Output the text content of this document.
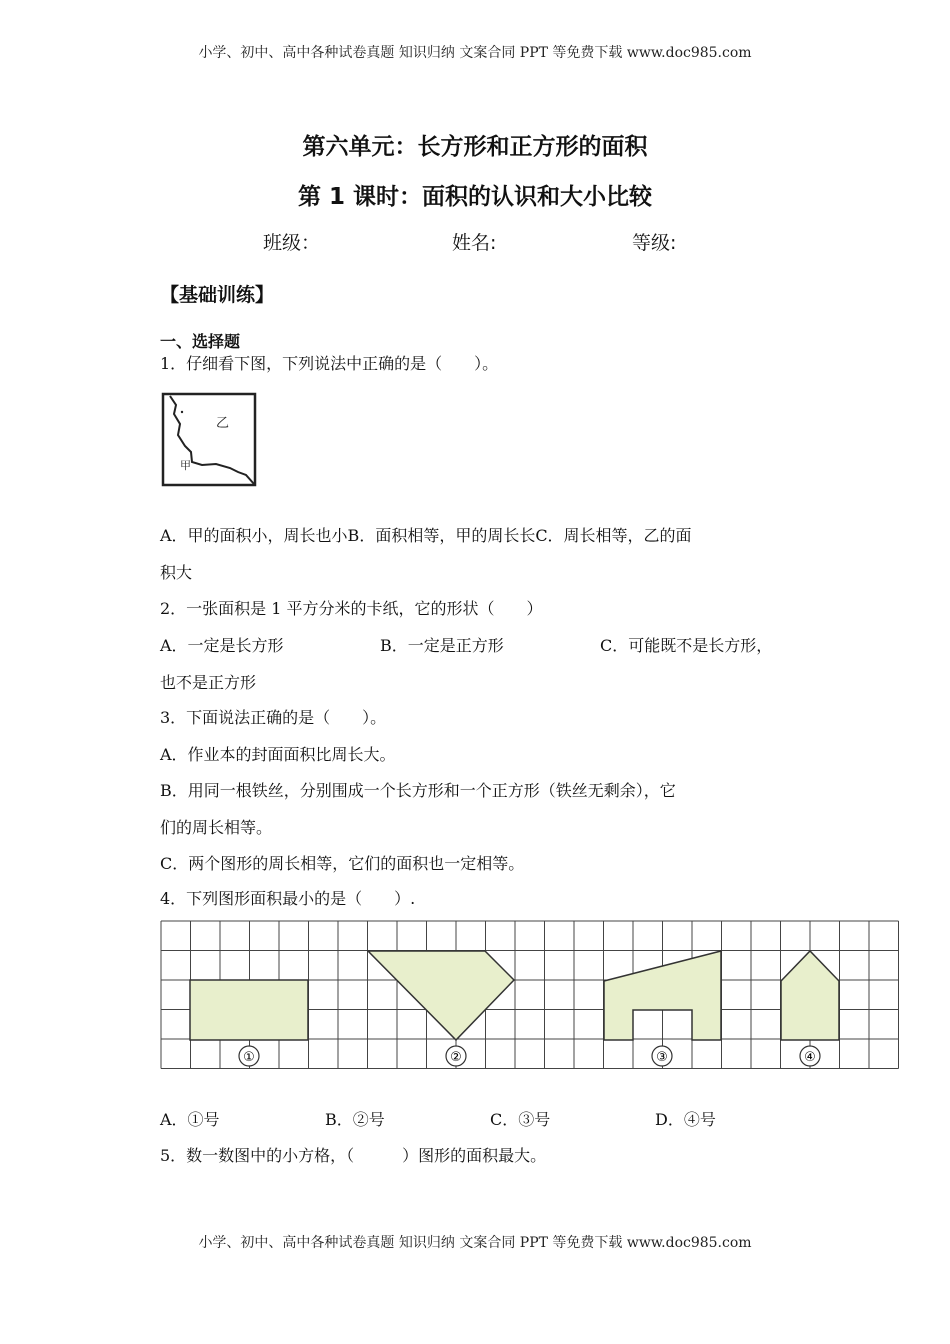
小学、初中、高中各种试卷真题 知识归纳 文案合同 PPT 等免费下载 www.doc985.com
第六单元：长方形和正方形的面积
第 1 课时：面积的认识和大小比较
班级：	姓名:	等级:
【基础训练】
一、选择题
1．仔细看下图，下列说法中正确的是（　　）。
乙
甲
A．甲的面积小，周长也小B．面积相等，甲的周长长C．周长相等，乙的面
积大
2．一张面积是 1 平方分米的卡纸，它的形状（　　）
A．一定是长方形	B．一定是正方形	C．可能既不是长方形，
也不是正方形
3．下面说法正确的是（　　）。
A．作业本的封面面积比周长大。
B．用同一根铁丝，分别围成一个长方形和一个正方形（铁丝无剩余），它
们的周长相等。
C．两个图形的周长相等，它们的面积也一定相等。
4．下列图形面积最小的是（　　）.
①	②	③	④
A．①号	B．②号	C．③号	D．④号
5．数一数图中的小方格，（　　　）图形的面积最大。
小学、初中、高中各种试卷真题 知识归纳 文案合同 PPT 等免费下载 www.doc985.com
